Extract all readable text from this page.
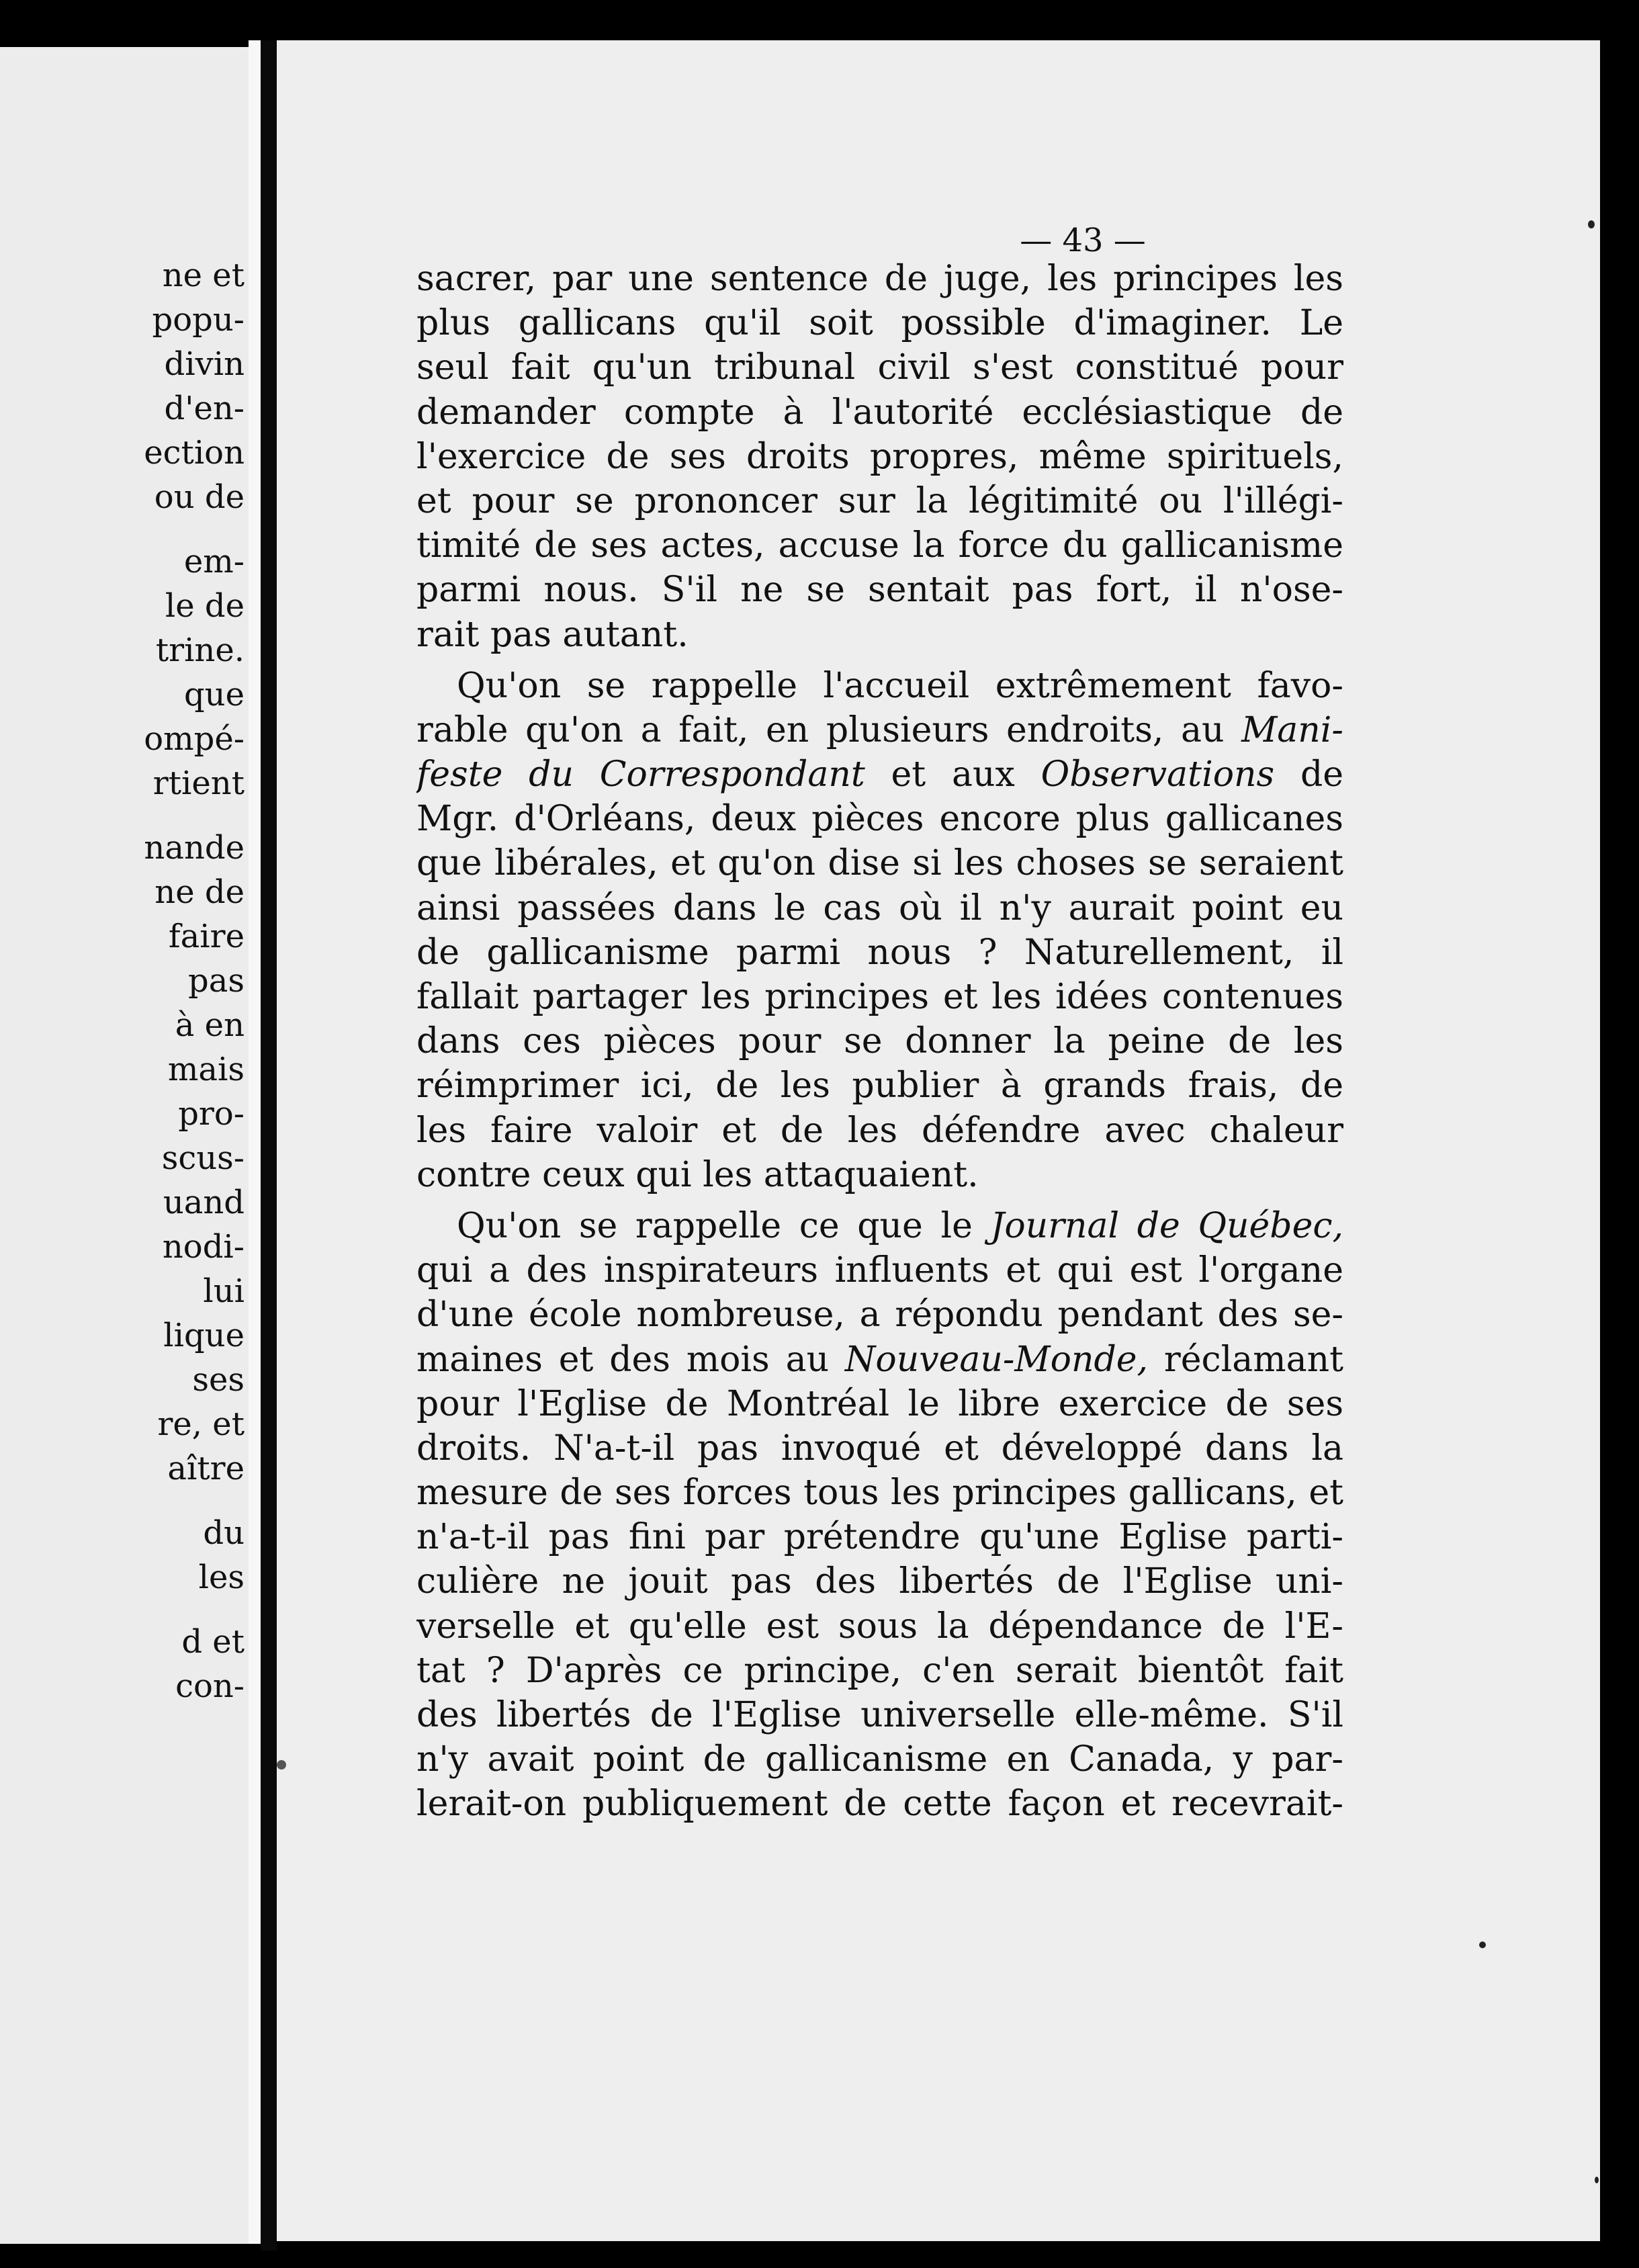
ne et
popu-
divin
d'en-
ection
ou de
em-
le de
trine.
que
ompé-
rtient
nande
ne de
faire
pas
à en
mais
pro-
scus-
uand
nodi-
lui
lique
ses
re, et
aître
du
les
d et
con-
— 43 —
sacrer, par une sentence de juge, les principes les
plus gallicans qu'il soit possible d'imaginer. Le
seul fait qu'un tribunal civil s'est constitué pour
demander compte à l'autorité ecclésiastique de
l'exercice de ses droits propres, même spirituels,
et pour se prononcer sur la légitimité ou l'illégi-
timité de ses actes, accuse la force du gallicanisme
parmi nous. S'il ne se sentait pas fort, il n'ose-
rait pas autant.
Qu'on se rappelle l'accueil extrêmement favo-
rable qu'on a fait, en plusieurs endroits, au Mani-
feste du Correspondant et aux Observations de
Mgr. d'Orléans, deux pièces encore plus gallicanes
que libérales, et qu'on dise si les choses se seraient
ainsi passées dans le cas où il n'y aurait point eu
de gallicanisme parmi nous ? Naturellement, il
fallait partager les principes et les idées contenues
dans ces pièces pour se donner la peine de les
réimprimer ici, de les publier à grands frais, de
les faire valoir et de les défendre avec chaleur
contre ceux qui les attaquaient.
Qu'on se rappelle ce que le Journal de Québec,
qui a des inspirateurs influents et qui est l'organe
d'une école nombreuse, a répondu pendant des se-
maines et des mois au Nouveau-Monde, réclamant
pour l'Eglise de Montréal le libre exercice de ses
droits. N'a-t-il pas invoqué et développé dans la
mesure de ses forces tous les principes gallicans, et
n'a-t-il pas fini par prétendre qu'une Eglise parti-
culière ne jouit pas des libertés de l'Eglise uni-
verselle et qu'elle est sous la dépendance de l'E-
tat ? D'après ce principe, c'en serait bientôt fait
des libertés de l'Eglise universelle elle-même. S'il
n'y avait point de gallicanisme en Canada, y par-
lerait-on publiquement de cette façon et recevrait-
